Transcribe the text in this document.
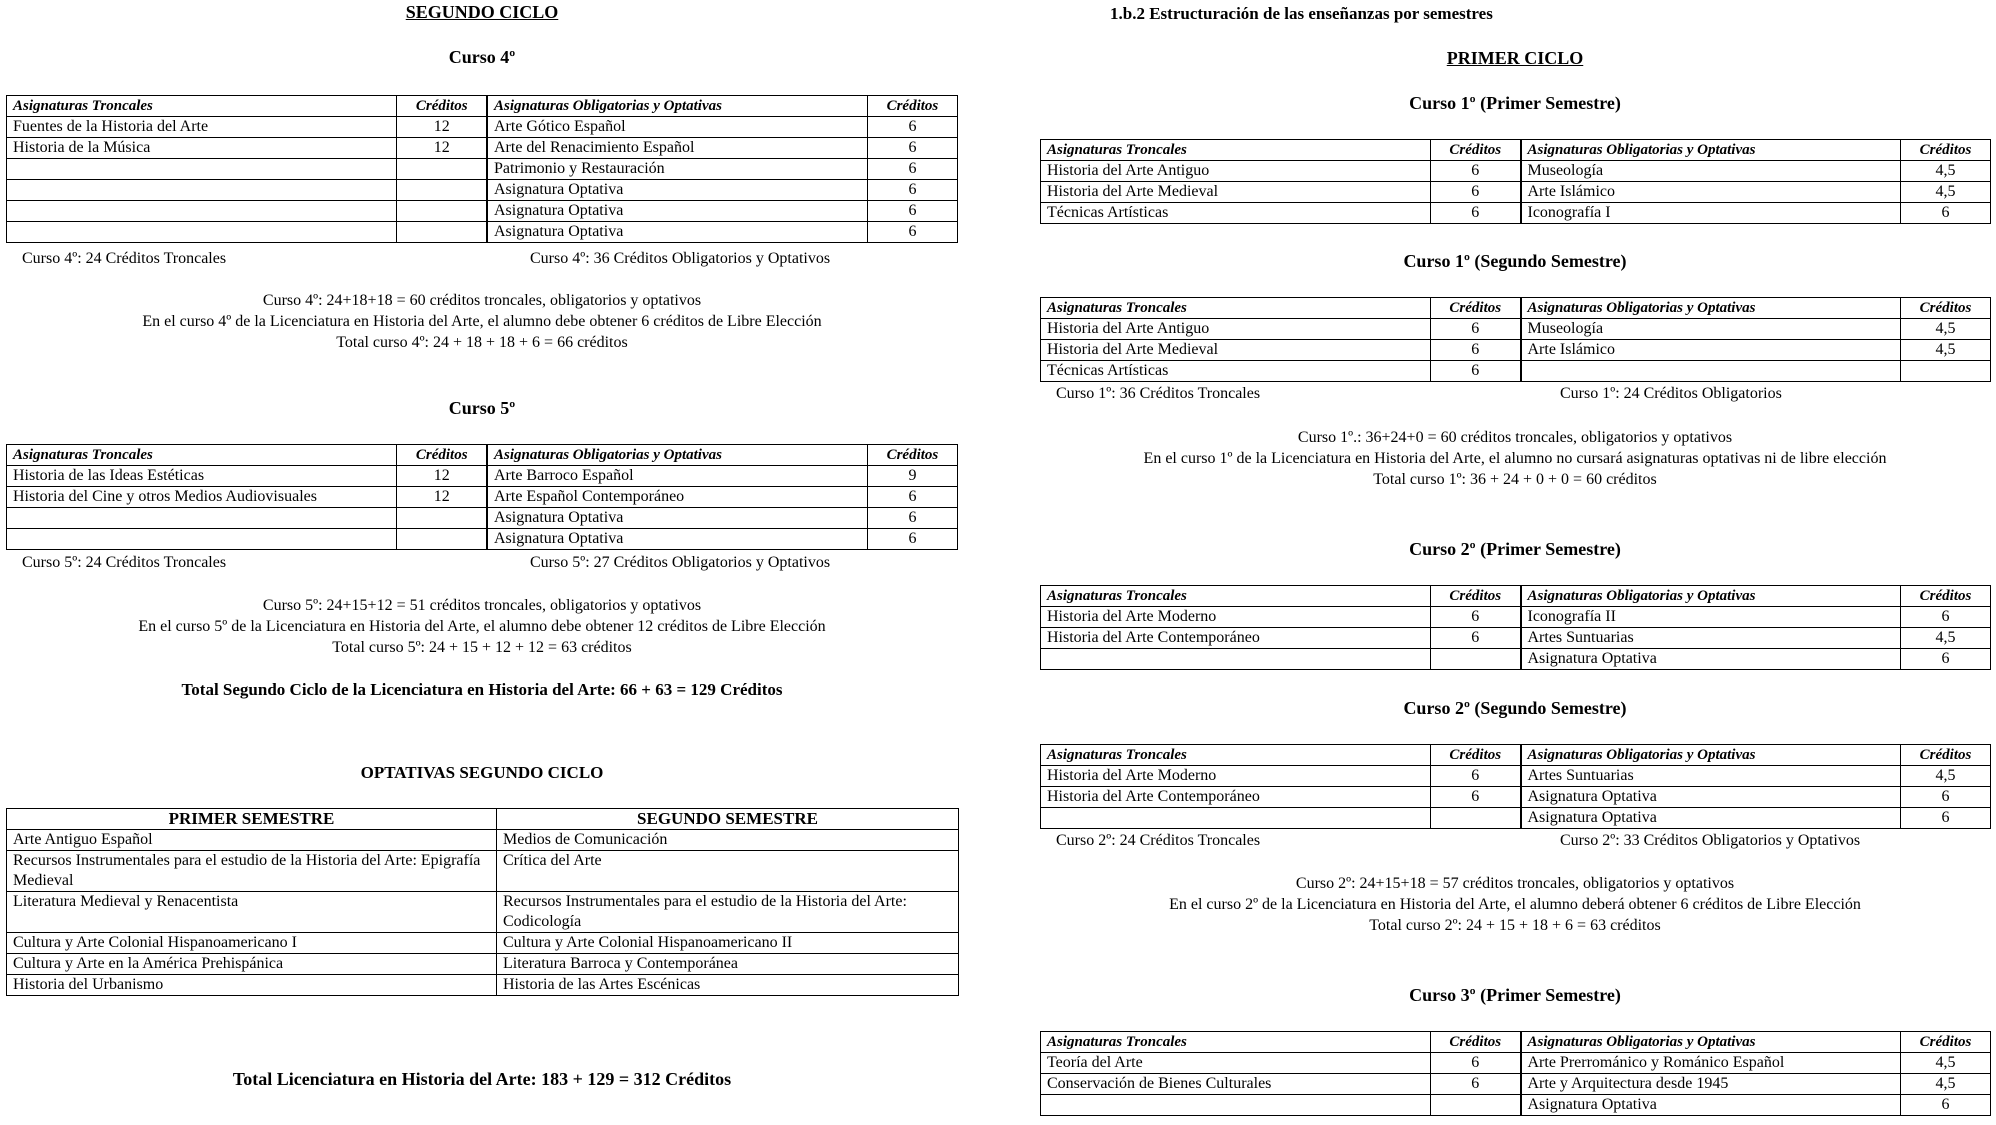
SEGUNDO CICLO
Curso 4º
Asignaturas Troncales	Créditos	Asignaturas Obligatorias y Optativas	Créditos
Fuentes de la Historia del Arte	12	Arte Gótico Español	6
Historia de la Música	12	Arte del Renacimiento Español	6
		Patrimonio y Restauración	6
		Asignatura Optativa	6
		Asignatura Optativa	6
		Asignatura Optativa	6
Curso 4º: 24 Créditos Troncales	Curso 4º: 36 Créditos Obligatorios y Optativos
Curso 4º: 24+18+18 = 60 créditos troncales, obligatorios y optativos
En el curso 4º de la Licenciatura en Historia del Arte, el alumno debe obtener 6 créditos de Libre Elección
Total curso 4º: 24 + 18 + 18 + 6 = 66 créditos
Curso 5º
Asignaturas Troncales	Créditos	Asignaturas Obligatorias y Optativas	Créditos
Historia de las Ideas Estéticas	12	Arte Barroco Español	9
Historia del Cine y otros Medios Audiovisuales	12	Arte Español Contemporáneo	6
		Asignatura Optativa	6
		Asignatura Optativa	6
Curso 5º: 24 Créditos Troncales	Curso 5º: 27 Créditos Obligatorios y Optativos
Curso 5º: 24+15+12 = 51 créditos troncales, obligatorios y optativos
En el curso 5º de la Licenciatura en Historia del Arte, el alumno debe obtener 12 créditos de Libre Elección
Total curso 5º: 24 + 15 + 12 + 12 = 63 créditos
Total Segundo Ciclo de la Licenciatura en Historia del Arte: 66 + 63 = 129 Créditos
OPTATIVAS SEGUNDO CICLO
PRIMER SEMESTRE	SEGUNDO SEMESTRE
Arte Antiguo Español	Medios de Comunicación
Recursos Instrumentales para el estudio de la Historia del Arte: Epigrafía Medieval	Crítica del Arte
Literatura Medieval y Renacentista	Recursos Instrumentales para el estudio de la Historia del Arte: Codicología
Cultura y Arte Colonial Hispanoamericano I	Cultura y Arte Colonial Hispanoamericano II
Cultura y Arte en la América Prehispánica	Literatura Barroca y Contemporánea
Historia del Urbanismo	Historia de las Artes Escénicas
Total Licenciatura en Historia del Arte: 183 + 129 = 312 Créditos
1.b.2 Estructuración de las enseñanzas por semestres
PRIMER CICLO
Curso 1º (Primer Semestre)
Asignaturas Troncales	Créditos	Asignaturas Obligatorias y Optativas	Créditos
Historia del Arte Antiguo	6	Museología	4,5
Historia del Arte Medieval	6	Arte Islámico	4,5
Técnicas Artísticas	6	Iconografía I	6
Curso 1º (Segundo Semestre)
Asignaturas Troncales	Créditos	Asignaturas Obligatorias y Optativas	Créditos
Historia del Arte Antiguo	6	Museología	4,5
Historia del Arte Medieval	6	Arte Islámico	4,5
Técnicas Artísticas	6		
Curso 1º: 36 Créditos Troncales	Curso 1º: 24 Créditos Obligatorios
Curso 1º.: 36+24+0 = 60 créditos troncales, obligatorios y optativos
En el curso 1º de la Licenciatura en Historia del Arte, el alumno no cursará asignaturas optativas ni de libre elección
Total curso 1º: 36 + 24 + 0 + 0 = 60 créditos
Curso 2º (Primer Semestre)
Asignaturas Troncales	Créditos	Asignaturas Obligatorias y Optativas	Créditos
Historia del Arte Moderno	6	Iconografía II	6
Historia del Arte Contemporáneo	6	Artes Suntuarias	4,5
		Asignatura Optativa	6
Curso 2º (Segundo Semestre)
Asignaturas Troncales	Créditos	Asignaturas Obligatorias y Optativas	Créditos
Historia del Arte Moderno	6	Artes Suntuarias	4,5
Historia del Arte Contemporáneo	6	Asignatura Optativa	6
		Asignatura Optativa	6
Curso 2º: 24 Créditos Troncales	Curso 2º: 33 Créditos Obligatorios y Optativos
Curso 2º: 24+15+18 = 57 créditos troncales, obligatorios y optativos
En el curso 2º de la Licenciatura en Historia del Arte, el alumno deberá obtener 6 créditos de Libre Elección
Total curso 2º: 24 + 15 + 18 + 6 = 63 créditos
Curso 3º (Primer Semestre)
Asignaturas Troncales	Créditos	Asignaturas Obligatorias y Optativas	Créditos
Teoría del Arte	6	Arte Prerrománico y Románico Español	4,5
Conservación de Bienes Culturales	6	Arte y Arquitectura desde 1945	4,5
		Asignatura Optativa	6
